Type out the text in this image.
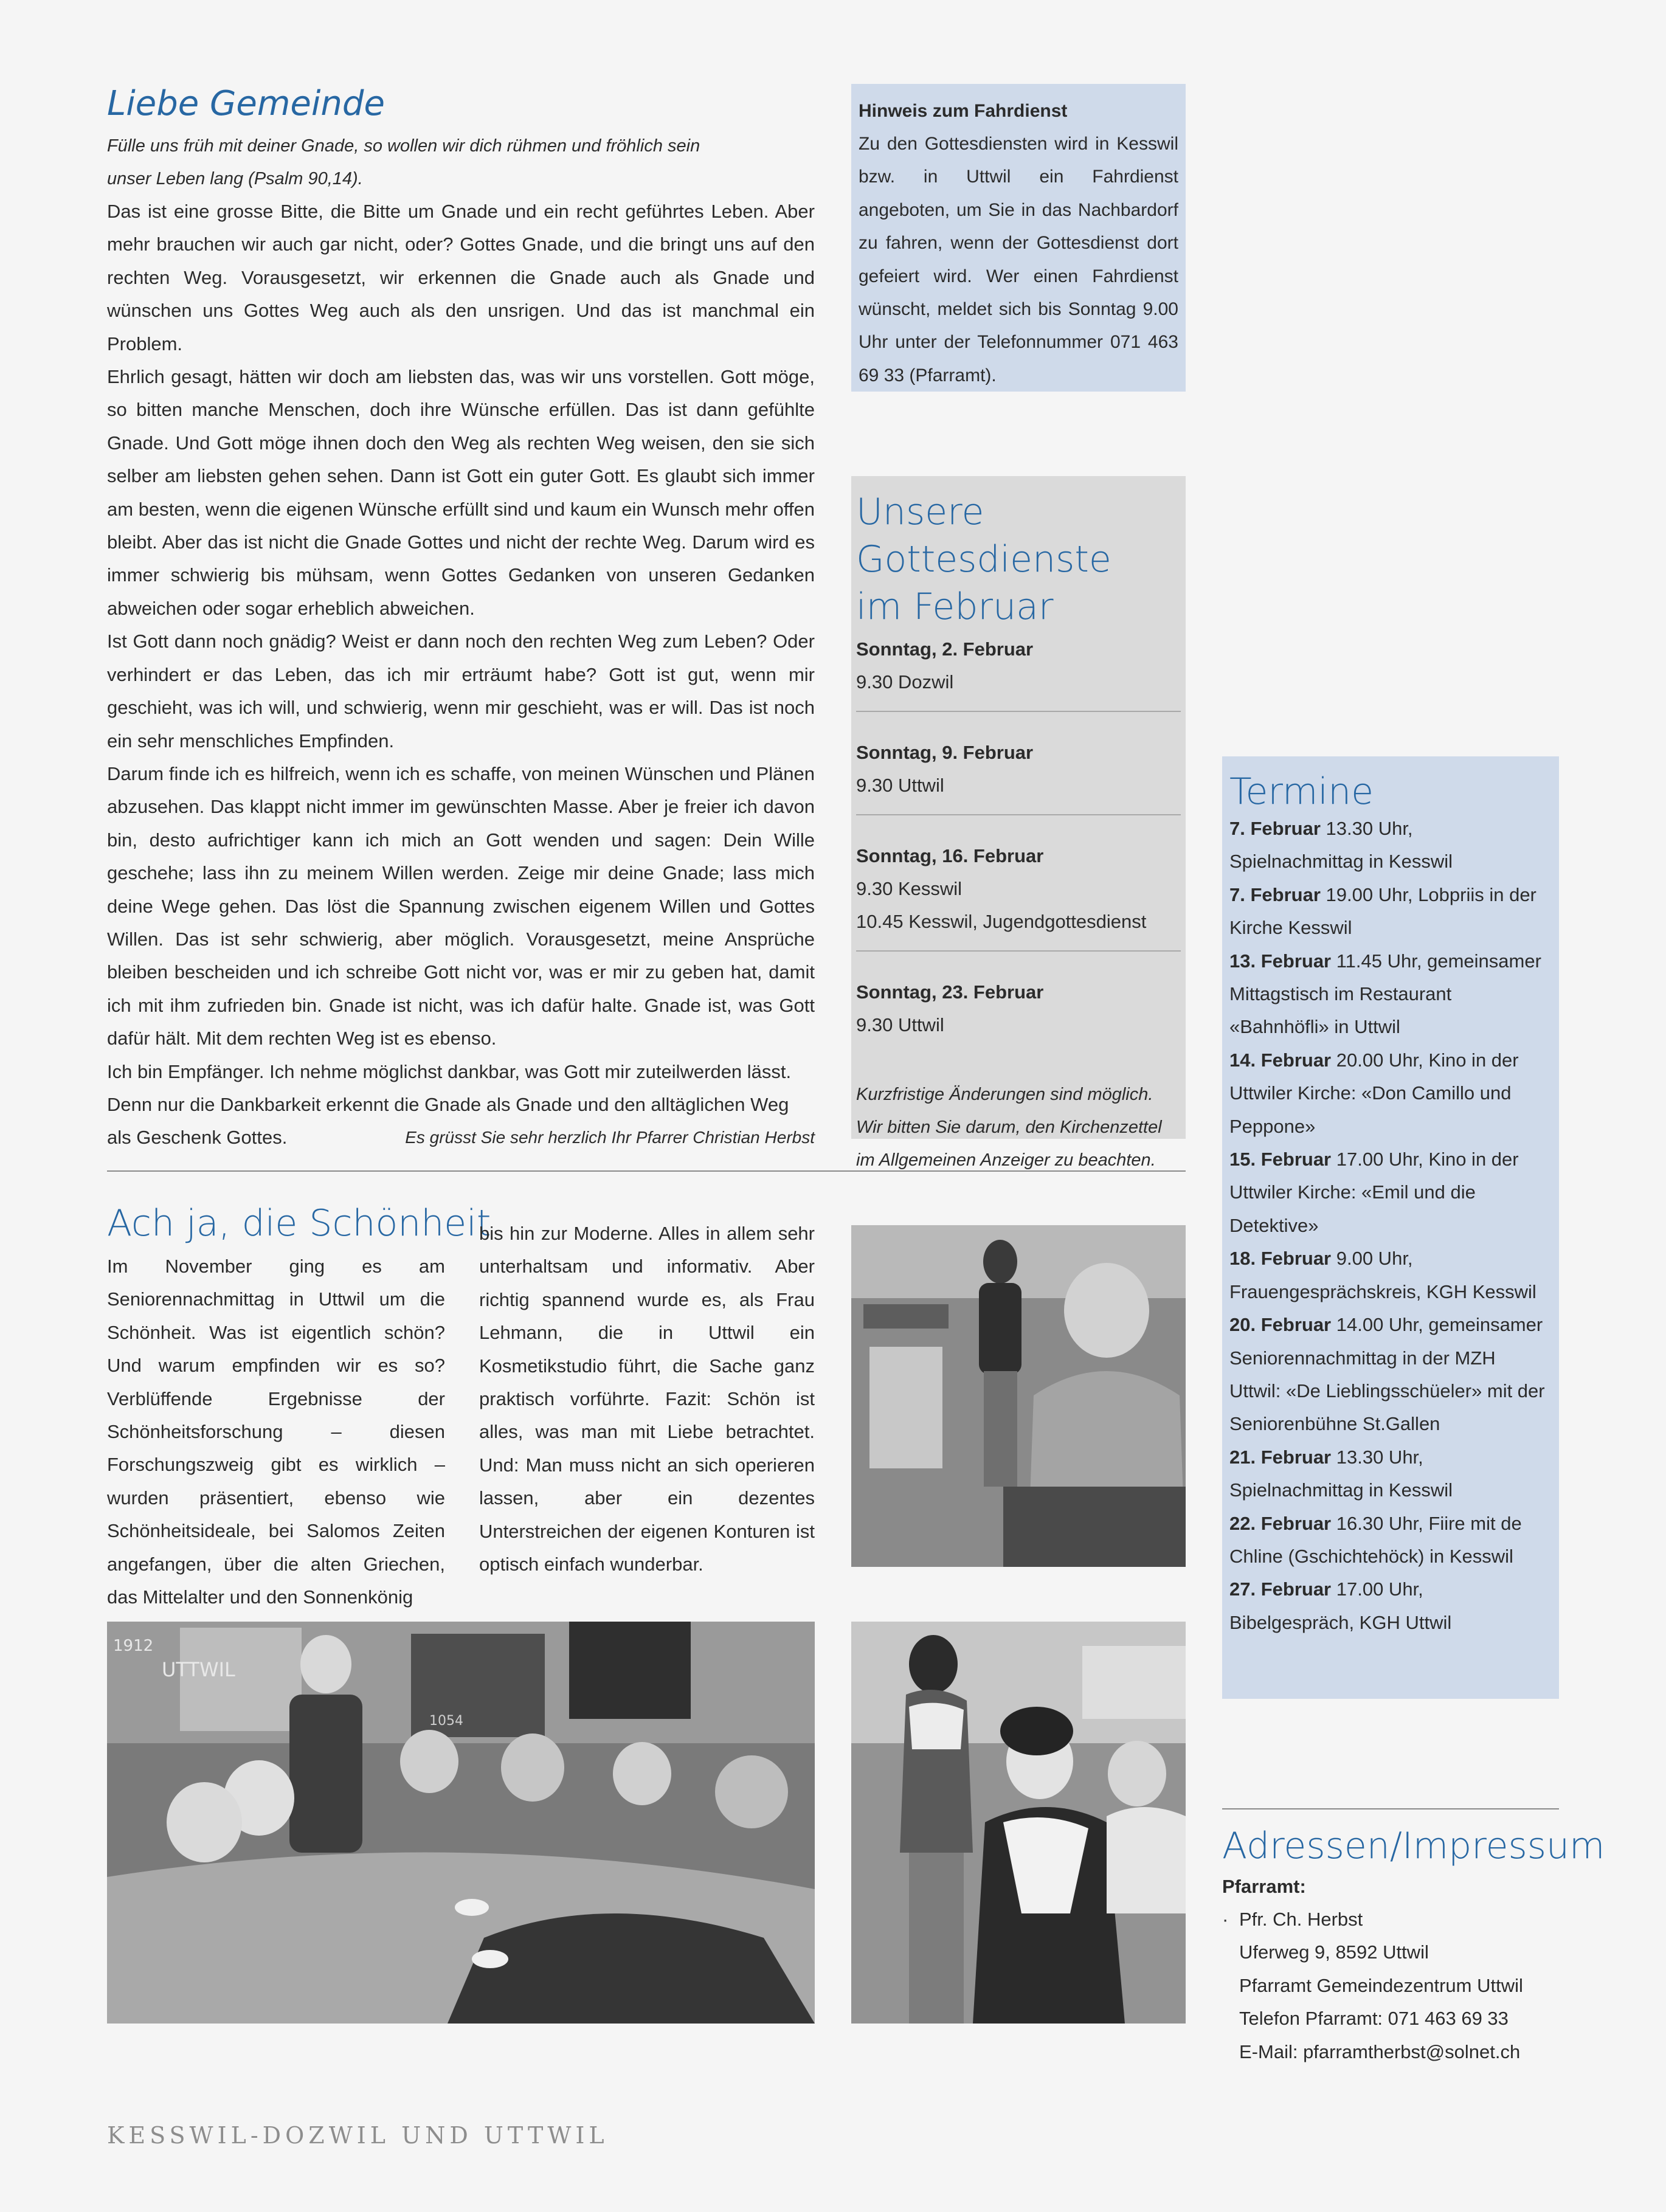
Liebe Gemeinde
Fülle uns früh mit deiner Gnade, so wollen wir dich rühmen und fröhlich sein
unser Leben lang (Psalm 90,14).

Das ist eine grosse Bitte, die Bitte um Gnade und ein recht geführtes Leben. Aber mehr brauchen wir auch gar nicht, oder? Gottes Gnade, und die bringt uns auf den rechten Weg. Vorausgesetzt, wir erkennen die Gnade auch als Gnade und wünschen uns Gottes Weg auch als den unsrigen. Und das ist manchmal ein Problem.

Ehrlich gesagt, hätten wir doch am liebsten das, was wir uns vorstellen. Gott möge, so bitten manche Menschen, doch ihre Wünsche erfüllen. Das ist dann gefühlte Gnade. Und Gott möge ihnen doch den Weg als rechten Weg weisen, den sie sich selber am liebsten gehen sehen. Dann ist Gott ein guter Gott. Es glaubt sich immer am besten, wenn die eigenen Wünsche erfüllt sind und kaum ein Wunsch mehr offen bleibt. Aber das ist nicht die Gnade Gottes und nicht der rechte Weg. Darum wird es immer schwierig bis mühsam, wenn Gottes Gedanken von unseren Gedanken abweichen oder sogar erheblich abweichen.

Ist Gott dann noch gnädig? Weist er dann noch den rechten Weg zum Leben? Oder verhindert er das Leben, das ich mir erträumt habe? Gott ist gut, wenn mir geschieht, was ich will, und schwierig, wenn mir geschieht, was er will. Das ist noch ein sehr menschliches Empfinden.

Darum finde ich es hilfreich, wenn ich es schaffe, von meinen Wünschen und Plänen abzusehen. Das klappt nicht immer im gewünschten Masse. Aber je freier ich davon bin, desto aufrichtiger kann ich mich an Gott wenden und sagen: Dein Wille geschehe; lass ihn zu meinem Willen werden. Zeige mir deine Gnade; lass mich deine Wege gehen. Das löst die Spannung zwischen eigenem Willen und Gottes Willen. Das ist sehr schwierig, aber möglich. Vorausgesetzt, meine Ansprüche bleiben bescheiden und ich schreibe Gott nicht vor, was er mir zu geben hat, damit ich mit ihm zufrieden bin. Gnade ist nicht, was ich dafür halte. Gnade ist, was Gott dafür hält. Mit dem rechten Weg ist es ebenso.

Ich bin Empfänger. Ich nehme möglichst dankbar, was Gott mir zuteilwerden lässt. Denn nur die Dankbarkeit erkennt die Gnade als Gnade und den alltäglichen Weg als Geschenk Gottes.	Es grüsst Sie sehr herzlich Ihr Pfarrer Christian Herbst

Hinweis zum Fahrdienst
Zu den Gottesdiensten wird in Kesswil bzw. in Uttwil ein Fahrdienst angeboten, um Sie in das Nachbardorf zu fahren, wenn der Gottesdienst dort gefeiert wird. Wer einen Fahrdienst wünscht, meldet sich bis Sonntag 9.00 Uhr unter der Telefonnummer 071 463 69 33 (Pfarramt).
Unsere Gottesdienste
im Februar
Sonntag, 2. Februar
9.30 Dozwil
Sonntag, 9. Februar
9.30 Uttwil
Sonntag, 16. Februar
9.30 Kesswil
10.45 Kesswil, Jugendgottesdienst
Sonntag, 23. Februar
9.30 Uttwil
Kurzfristige Änderungen sind möglich. Wir bitten Sie darum, den Kirchenzettel im Allgemeinen Anzeiger zu beachten.
Ach ja, die Schönheit
Im November ging es am Seniorennachmittag in Uttwil um die Schönheit. Was ist eigentlich schön? Und warum empfinden wir es so? Verblüffende Ergebnisse der Schönheitsforschung – diesen Forschungszweig gibt es wirklich – wurden präsentiert, ebenso wie Schönheitsideale, bei Salomos Zeiten angefangen, über die alten Griechen, das Mittelalter und den Sonnenkönig
bis hin zur Moderne. Alles in allem sehr unterhaltsam und informativ. Aber richtig spannend wurde es, als Frau Lehmann, die in Uttwil ein Kosmetikstudio führt, die Sache ganz praktisch vorführte. Fazit: Schön ist alles, was man mit Liebe betrachtet. Und: Man muss nicht an sich operieren lassen, aber ein dezentes Unterstreichen der eigenen Konturen ist optisch einfach wunderbar.
1912
UTTWIL
1054
Termine
7. Februar 13.30 Uhr, Spielnachmittag in Kesswil
7. Februar 19.00 Uhr, Lobpriis in der Kirche Kesswil
13. Februar 11.45 Uhr, gemeinsamer Mittagstisch im Restaurant «Bahnhöfli» in Uttwil
14. Februar 20.00 Uhr, Kino in der Uttwiler Kirche: «Don Camillo und Peppone»
15. Februar 17.00 Uhr, Kino in der Uttwiler Kirche: «Emil und die Detektive»
18. Februar 9.00 Uhr, Frauengesprächskreis, KGH Kesswil
20. Februar 14.00 Uhr, gemeinsamer Seniorennachmittag in der MZH Uttwil: «De Lieblingsschüeler» mit der Seniorenbühne St.Gallen
21. Februar 13.30 Uhr, Spielnachmittag in Kesswil
22. Februar 16.30 Uhr, Fiire mit de Chline (Gschichtehöck) in Kesswil
27. Februar 17.00 Uhr, Bibelgespräch, KGH Uttwil
Adressen/Impressum
Pfarramt:
· Pfr. Ch. Herbst
Uferweg 9, 8592 Uttwil
Pfarramt Gemeindezentrum Uttwil
Telefon Pfarramt: 071 463 69 33
E-Mail: pfarramtherbst@solnet.ch
KESSWIL-DOZWIL UND UTTWIL
